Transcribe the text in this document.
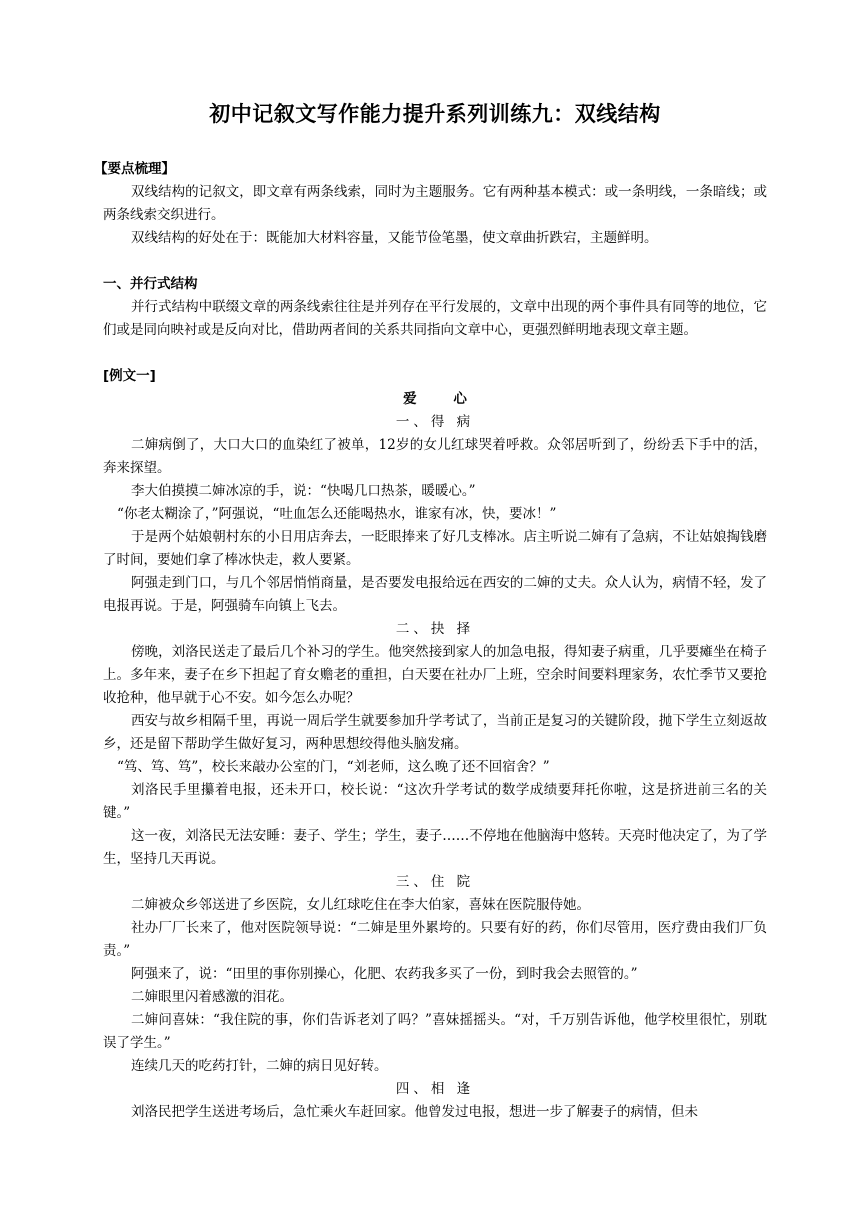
初中记叙文写作能力提升系列训练九：双线结构
【要点梳理】

双线结构的记叙文，即文章有两条线索，同时为主题服务。它有两种基本模式：或一条明线，一条暗线；或两条线索交织进行。

双线结构的好处在于：既能加大材料容量，又能节俭笔墨，使文章曲折跌宕，主题鲜明。

一、并行式结构

并行式结构中联缀文章的两条线索往往是并列存在平行发展的，文章中出现的两个事件具有同等的地位，它们或是同向映衬或是反向对比，借助两者间的关系共同指向文章中心，更强烈鲜明地表现文章主题。

[例文一]
爱 心
一、得 病

二婶病倒了，大口大口的血染红了被单，12岁的女儿红球哭着呼救。众邻居听到了，纷纷丢下手中的活，奔来探望。

李大伯摸摸二婶冰凉的手，说：“快喝几口热茶，暖暖心。”

“你老太糊涂了，”阿强说，“吐血怎么还能喝热水，谁家有冰，快，要冰！”

于是两个姑娘朝村东的小日用店奔去，一眨眼捧来了好几支棒冰。店主听说二婶有了急病，不让姑娘掏钱磨了时间，要她们拿了棒冰快走，救人要紧。

阿强走到门口，与几个邻居悄悄商量，是否要发电报给远在西安的二婶的丈夫。众人认为，病情不轻，发了电报再说。于是，阿强骑车向镇上飞去。

二、抉 择

傍晚，刘洛民送走了最后几个补习的学生。他突然接到家人的加急电报，得知妻子病重，几乎要瘫坐在椅子上。多年来，妻子在乡下担起了育女赡老的重担，白天要在社办厂上班，空余时间要料理家务，农忙季节又要抢收抢种，他早就于心不安。如今怎么办呢？

西安与故乡相隔千里，再说一周后学生就要参加升学考试了，当前正是复习的关键阶段，抛下学生立刻返故乡，还是留下帮助学生做好复习，两种思想绞得他头脑发痛。

“笃、笃、笃”，校长来敲办公室的门，“刘老师，这么晚了还不回宿舍？”

刘洛民手里攥着电报，还未开口，校长说：“这次升学考试的数学成绩要拜托你啦，这是挤进前三名的关键。”

这一夜，刘洛民无法安睡：妻子、学生；学生，妻子……不停地在他脑海中悠转。天亮时他决定了，为了学生，坚持几天再说。

三、住 院

二婶被众乡邻送进了乡医院，女儿红球吃住在李大伯家，喜妹在医院服侍她。

社办厂厂长来了，他对医院领导说：“二婶是里外累垮的。只要有好的药，你们尽管用，医疗费由我们厂负责。”

阿强来了，说：“田里的事你别操心，化肥、农药我多买了一份，到时我会去照管的。”

二婶眼里闪着感激的泪花。

二婶问喜妹：“我住院的事，你们告诉老刘了吗？”喜妹摇摇头。“对，千万别告诉他，他学校里很忙，别耽误了学生。”

连续几天的吃药打针，二婶的病日见好转。

四、相 逢

刘洛民把学生送进考场后，急忙乘火车赶回家。他曾发过电报，想进一步了解妻子的病情，但未
